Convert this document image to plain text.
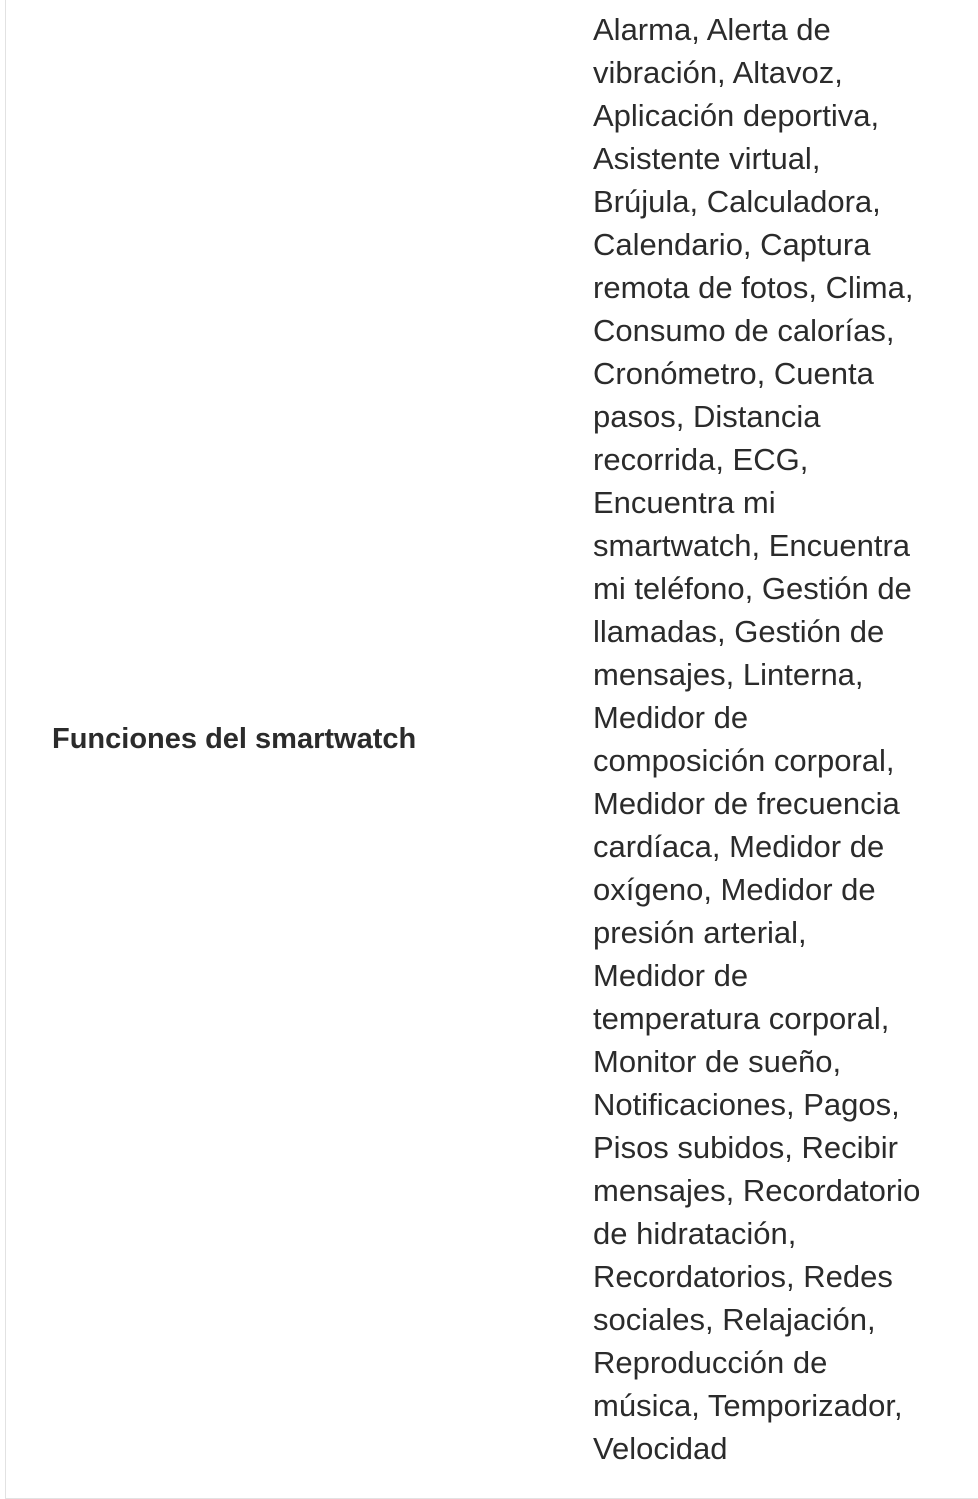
Funciones del smartwatch
Alarma, Alerta de
vibración, Altavoz,
Aplicación deportiva,
Asistente virtual,
Brújula, Calculadora,
Calendario, Captura
remota de fotos, Clima,
Consumo de calorías,
Cronómetro, Cuenta
pasos, Distancia
recorrida, ECG,
Encuentra mi
smartwatch, Encuentra
mi teléfono, Gestión de
llamadas, Gestión de
mensajes, Linterna,
Medidor de
composición corporal,
Medidor de frecuencia
cardíaca, Medidor de
oxígeno, Medidor de
presión arterial,
Medidor de
temperatura corporal,
Monitor de sueño,
Notificaciones, Pagos,
Pisos subidos, Recibir
mensajes, Recordatorio
de hidratación,
Recordatorios, Redes
sociales, Relajación,
Reproducción de
música, Temporizador,
Velocidad
